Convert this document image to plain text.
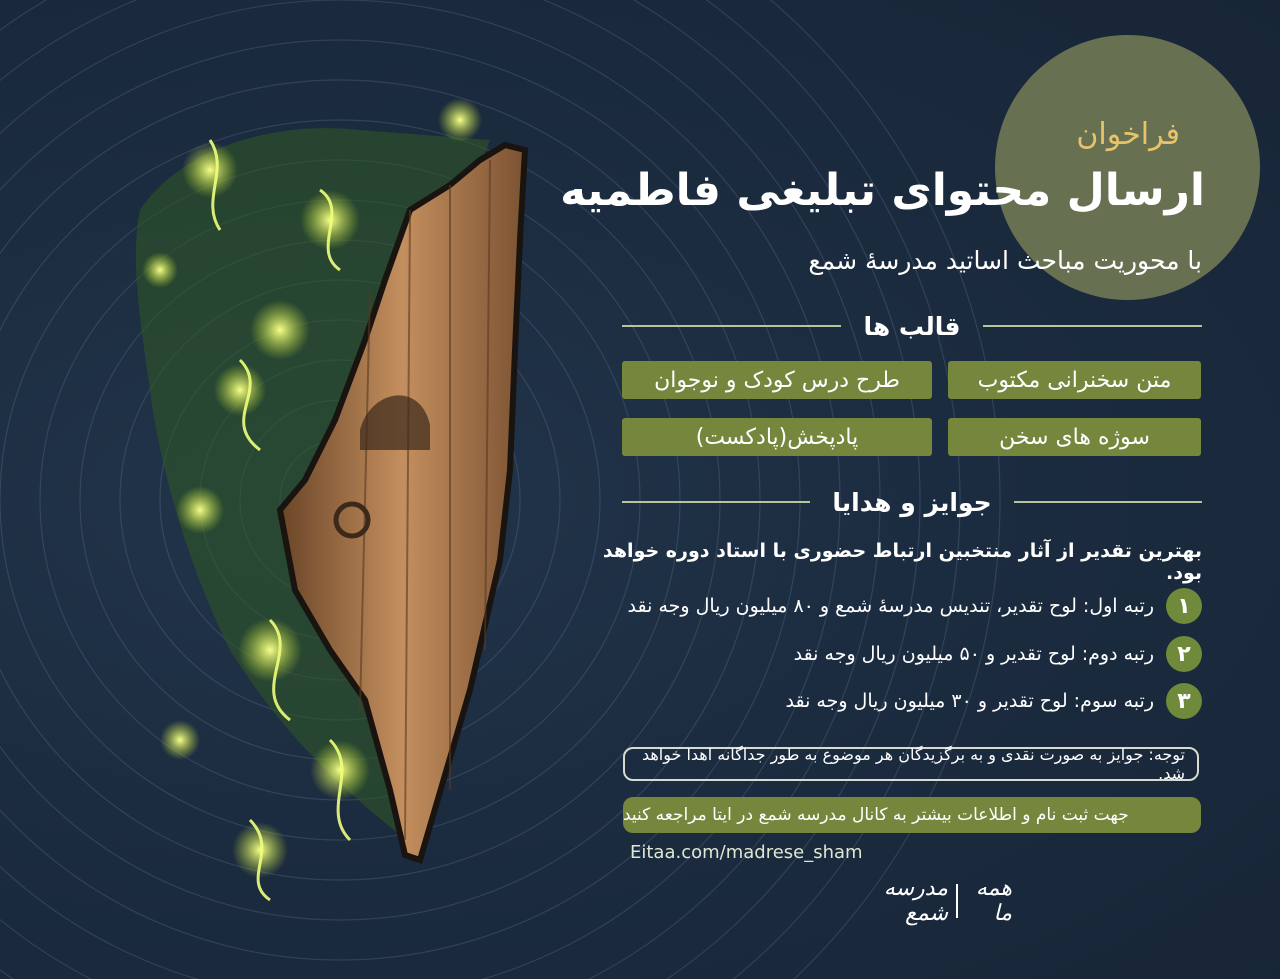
فراخوان
ارسال محتوای تبلیغی فاطمیه
با محوریت مباحث اساتید مدرسهٔ شمع
قالب ها
متن سخنرانی مکتوب
طرح درس کودک و نوجوان
سوژه های سخن
پادپخش(پادکست)
جوایز و هدایا
بهترین تقدیر از آثار منتخبین ارتباط حضوری با استاد دوره خواهد بود.
۱
رتبه اول: لوح تقدیر، تندیس مدرسهٔ شمع و ۸۰ میلیون ریال وجه نقد
۲
رتبه دوم: لوح تقدیر و ۵۰ میلیون ریال وجه نقد
۳
رتبه سوم: لوح تقدیر و ۳۰ میلیون ریال وجه نقد
توجه: جوایز به صورت نقدی و به برگزیدگان هر موضوع به طور جداگانه اهدا خواهد شد.
جهت ثبت نام و اطلاعات بیشتر به کانال مدرسه شمع در ایتا مراجعه کنید
Eitaa.com/madrese_sham
مدرسه شمع
همه ما
